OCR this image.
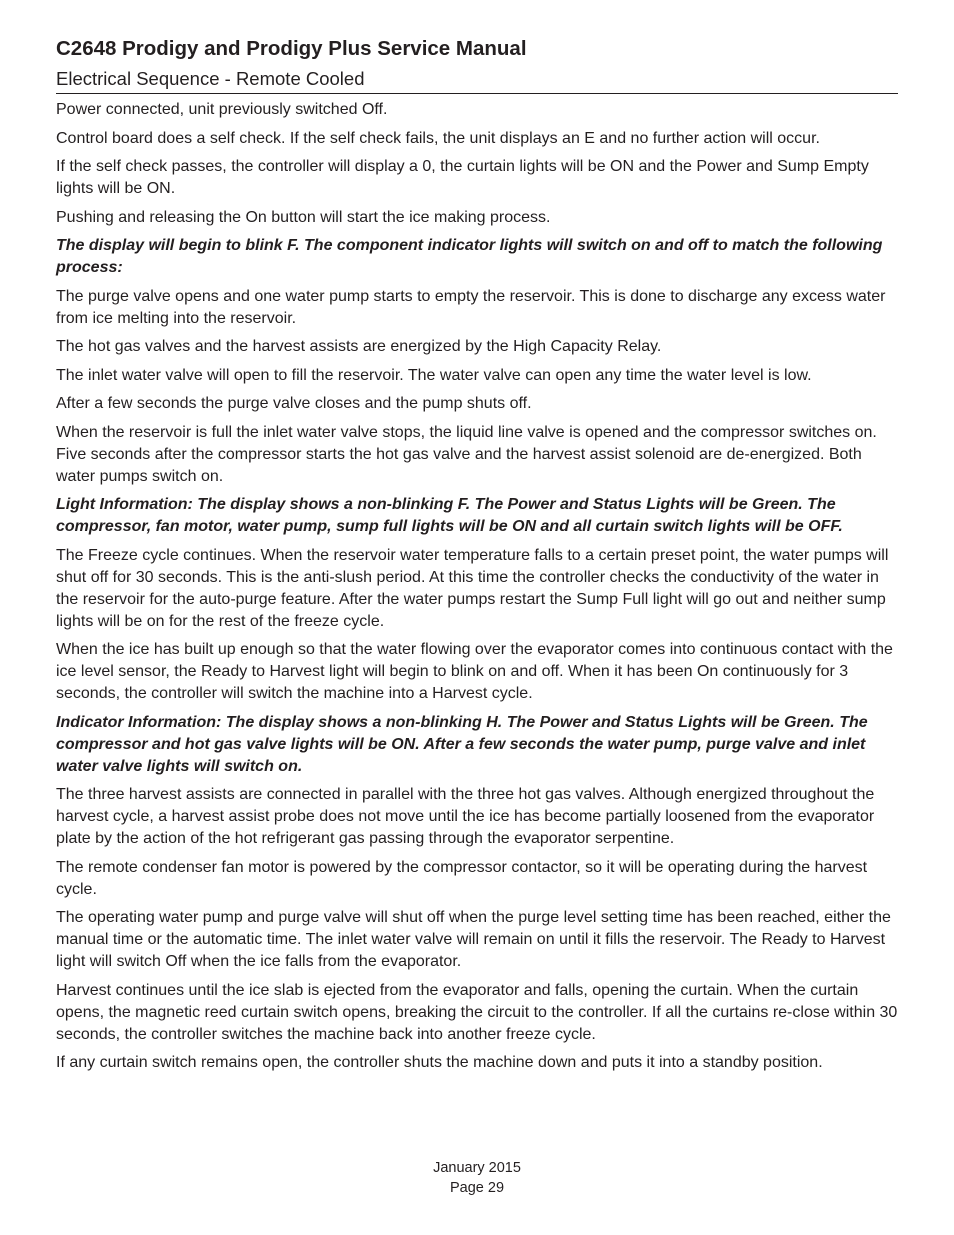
C2648 Prodigy and Prodigy Plus Service Manual
Electrical Sequence - Remote Cooled

Power connected, unit previously switched Off.

Control board does a self check. If the self check fails, the unit displays an E and no further action will occur.

If the self check passes, the controller will display a 0, the curtain lights will be ON and the Power and Sump Empty lights will be ON.

Pushing and releasing the On button will start the ice making process.

The display will begin to blink F. The component indicator lights will switch on and off to match the following process:

The purge valve opens and one water pump starts to empty the reservoir. This is done to discharge any excess water from ice melting into the reservoir.

The hot gas valves and the harvest assists are energized by the High Capacity Relay.

The inlet water valve will open to fill the reservoir. The water valve can open any time the water level is low.

After a few seconds the purge valve closes and the pump shuts off.

When the reservoir is full the inlet water valve stops, the liquid line valve is opened and the compressor switches on. Five seconds after the compressor starts the hot gas valve and the harvest assist solenoid are de-energized. Both water pumps switch on.

Light Information: The display shows a non-blinking F. The Power and Status Lights will be Green. The compressor, fan motor, water pump, sump full lights will be ON and all curtain switch lights will be OFF.

The Freeze cycle continues. When the reservoir water temperature falls to a certain preset point, the water pumps will shut off for 30 seconds. This is the anti-slush period. At this time the controller checks the conductivity of the water in the reservoir for the auto-purge feature. After the water pumps restart the Sump Full light will go out and neither sump lights will be on for the rest of the freeze cycle.

When the ice has built up enough so that the water flowing over the evaporator comes into continuous contact with the ice level sensor, the Ready to Harvest light will begin to blink on and off. When it has been On continuously for 3 seconds, the controller will switch the machine into a Harvest cycle.

Indicator Information: The display shows a non-blinking H. The Power and Status Lights will be Green. The compressor and hot gas valve lights will be ON. After a few seconds the water pump, purge valve and inlet water valve lights will switch on.

The three harvest assists are connected in parallel with the three hot gas valves. Although energized throughout the harvest cycle, a harvest assist probe does not move until the ice has become partially loosened from the evaporator plate by the action of the hot refrigerant gas passing through the evaporator serpentine.

The remote condenser fan motor is powered by the compressor contactor, so it will be operating during the harvest cycle.

The operating water pump and purge valve will shut off when the purge level setting time has been reached, either the manual time or the automatic time. The inlet water valve will remain on until it fills the reservoir. The Ready to Harvest light will switch Off when the ice falls from the evaporator.

Harvest continues until the ice slab is ejected from the evaporator and falls, opening the curtain. When the curtain opens, the magnetic reed curtain switch opens, breaking the circuit to the controller. If all the curtains re-close within 30 seconds, the controller switches the machine back into another freeze cycle.

If any curtain switch remains open, the controller shuts the machine down and puts it into a standby position.

January 2015
Page 29
